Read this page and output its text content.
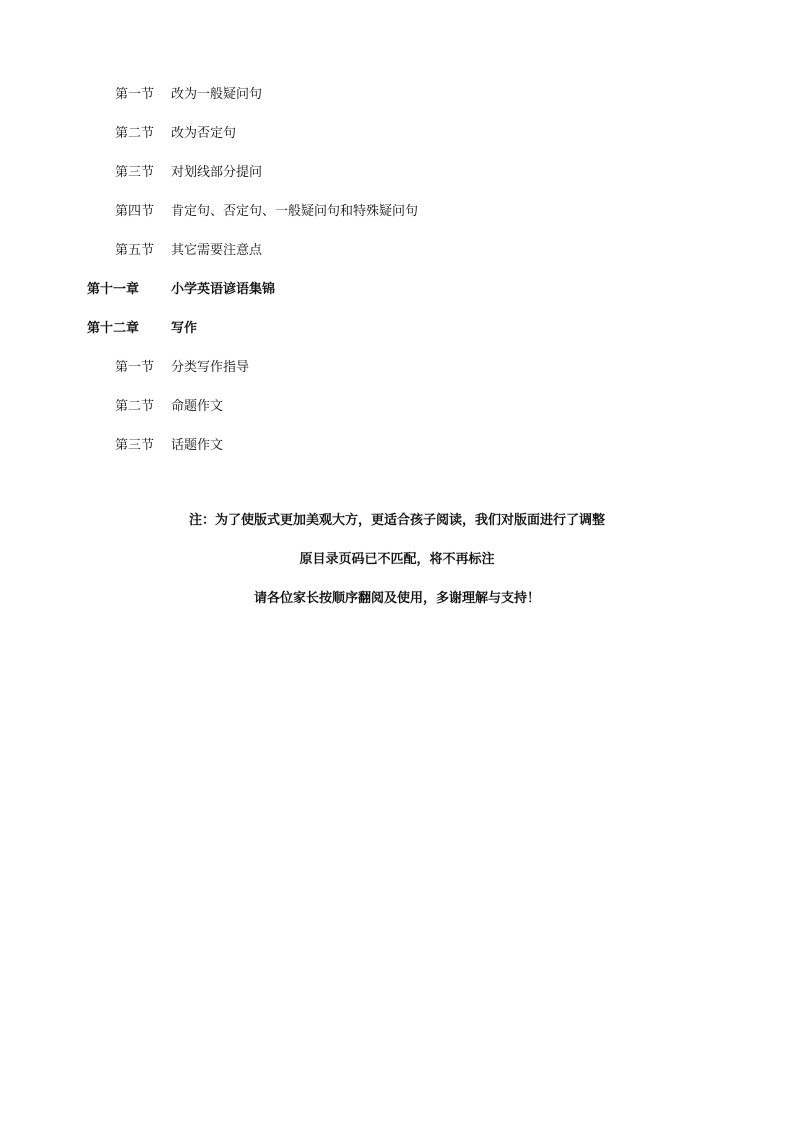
第一节 改为一般疑问句
第二节 改为否定句
第三节 对划线部分提问
第四节 肯定句、否定句、一般疑问句和特殊疑问句
第五节 其它需要注意点
第十一章 小学英语谚语集锦
第十二章 写作
第一节 分类写作指导
第二节 命题作文
第三节 话题作文
注：为了使版式更加美观大方，更适合孩子阅读，我们对版面进行了调整
原目录页码已不匹配，将不再标注
请各位家长按顺序翻阅及使用，多谢理解与支持！
